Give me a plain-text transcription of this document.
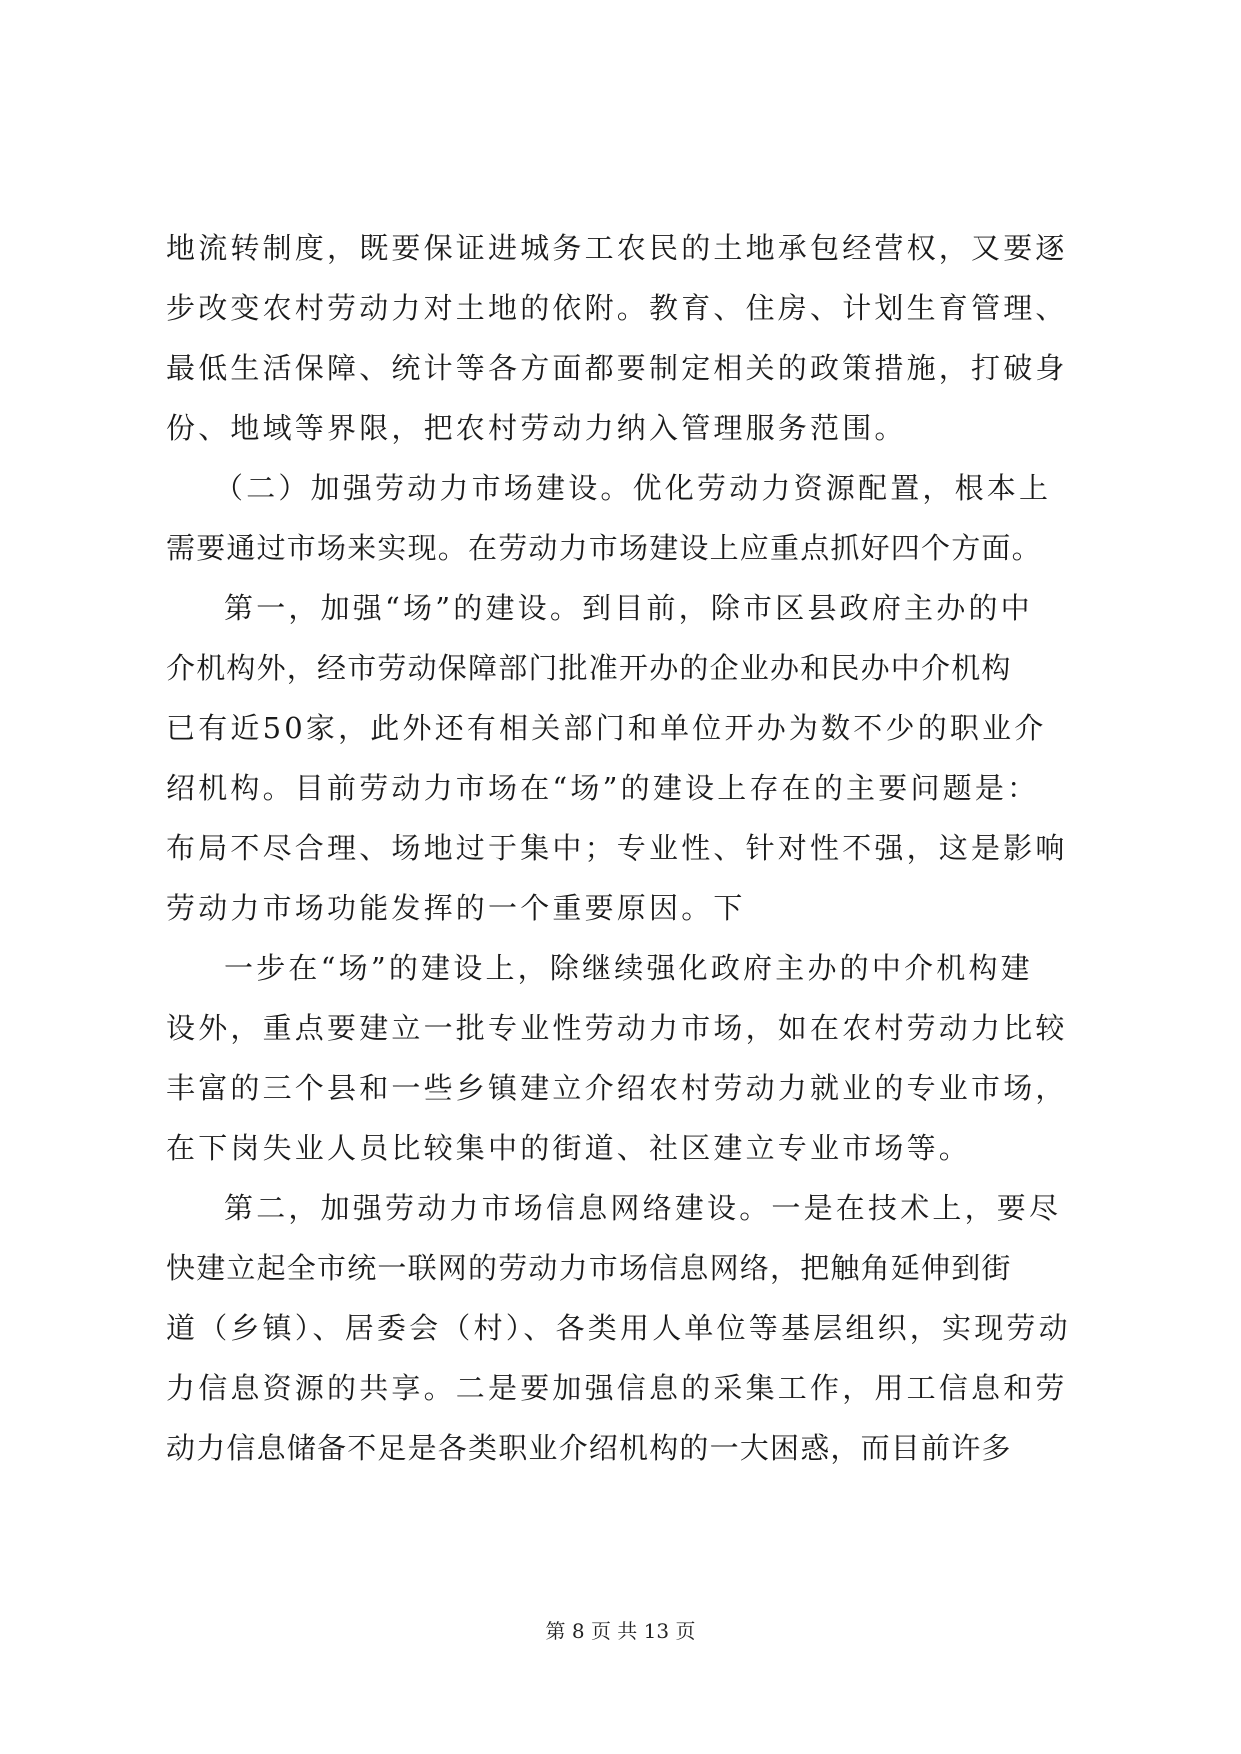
地流转制度，既要保证进城务工农民的土地承包经营权，又要逐
步改变农村劳动力对土地的依附。教育、住房、计划生育管理、
最低生活保障、统计等各方面都要制定相关的政策措施，打破身
份、地域等界限，把农村劳动力纳入管理服务范围。
（二）加强劳动力市场建设。优化劳动力资源配置，根本上
需要通过市场来实现。在劳动力市场建设上应重点抓好四个方面。
第一，加强“场”的建设。到目前，除市区县政府主办的中
介机构外，经市劳动保障部门批准开办的企业办和民办中介机构
已有近50家，此外还有相关部门和单位开办为数不少的职业介
绍机构。目前劳动力市场在“场”的建设上存在的主要问题是：
布局不尽合理、场地过于集中；专业性、针对性不强，这是影响
劳动力市场功能发挥的一个重要原因。下
一步在“场”的建设上，除继续强化政府主办的中介机构建
设外，重点要建立一批专业性劳动力市场，如在农村劳动力比较
丰富的三个县和一些乡镇建立介绍农村劳动力就业的专业市场，
在下岗失业人员比较集中的街道、社区建立专业市场等。
第二，加强劳动力市场信息网络建设。一是在技术上，要尽
快建立起全市统一联网的劳动力市场信息网络，把触角延伸到街
道（乡镇）、居委会（村）、各类用人单位等基层组织，实现劳动
力信息资源的共享。二是要加强信息的采集工作，用工信息和劳
动力信息储备不足是各类职业介绍机构的一大困惑，而目前许多
第 8 页 共 13 页
